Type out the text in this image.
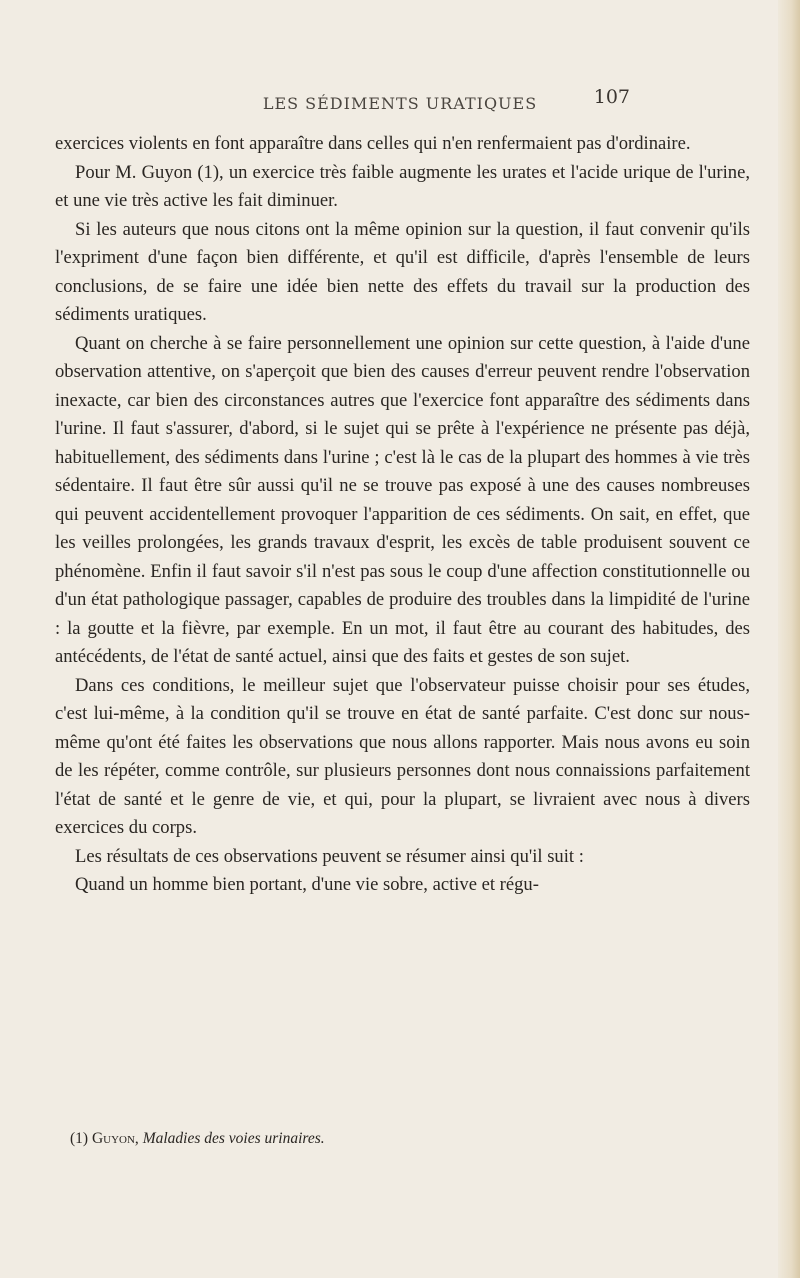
LES SÉDIMENTS URATIQUES	107

exercices violents en font apparaître dans celles qui n'en renfermaient pas d'ordinaire.

Pour M. Guyon (1), un exercice très faible augmente les urates et l'acide urique de l'urine, et une vie très active les fait diminuer.

Si les auteurs que nous citons ont la même opinion sur la question, il faut convenir qu'ils l'expriment d'une façon bien différente, et qu'il est difficile, d'après l'ensemble de leurs conclusions, de se faire une idée bien nette des effets du travail sur la production des sédiments uratiques.

Quant on cherche à se faire personnellement une opinion sur cette question, à l'aide d'une observation attentive, on s'aperçoit que bien des causes d'erreur peuvent rendre l'observation inexacte, car bien des circonstances autres que l'exercice font apparaître des sédiments dans l'urine. Il faut s'assurer, d'abord, si le sujet qui se prête à l'expérience ne présente pas déjà, habituellement, des sédiments dans l'urine ; c'est là le cas de la plupart des hommes à vie très sédentaire. Il faut être sûr aussi qu'il ne se trouve pas exposé à une des causes nombreuses qui peuvent accidentellement provoquer l'apparition de ces sédiments. On sait, en effet, que les veilles prolongées, les grands travaux d'esprit, les excès de table produisent souvent ce phénomène. Enfin il faut savoir s'il n'est pas sous le coup d'une affection constitutionnelle ou d'un état pathologique passager, capables de produire des troubles dans la limpidité de l'urine : la goutte et la fièvre, par exemple. En un mot, il faut être au courant des habitudes, des antécédents, de l'état de santé actuel, ainsi que des faits et gestes de son sujet.

Dans ces conditions, le meilleur sujet que l'observateur puisse choisir pour ses études, c'est lui-même, à la condition qu'il se trouve en état de santé parfaite. C'est donc sur nous-même qu'ont été faites les observations que nous allons rapporter. Mais nous avons eu soin de les répéter, comme contrôle, sur plusieurs personnes dont nous connaissions parfaitement l'état de santé et le genre de vie, et qui, pour la plupart, se livraient avec nous à divers exercices du corps.

Les résultats de ces observations peuvent se résumer ainsi qu'il suit :

Quand un homme bien portant, d'une vie sobre, active et régu-

(1) Guyon, Maladies des voies urinaires.
